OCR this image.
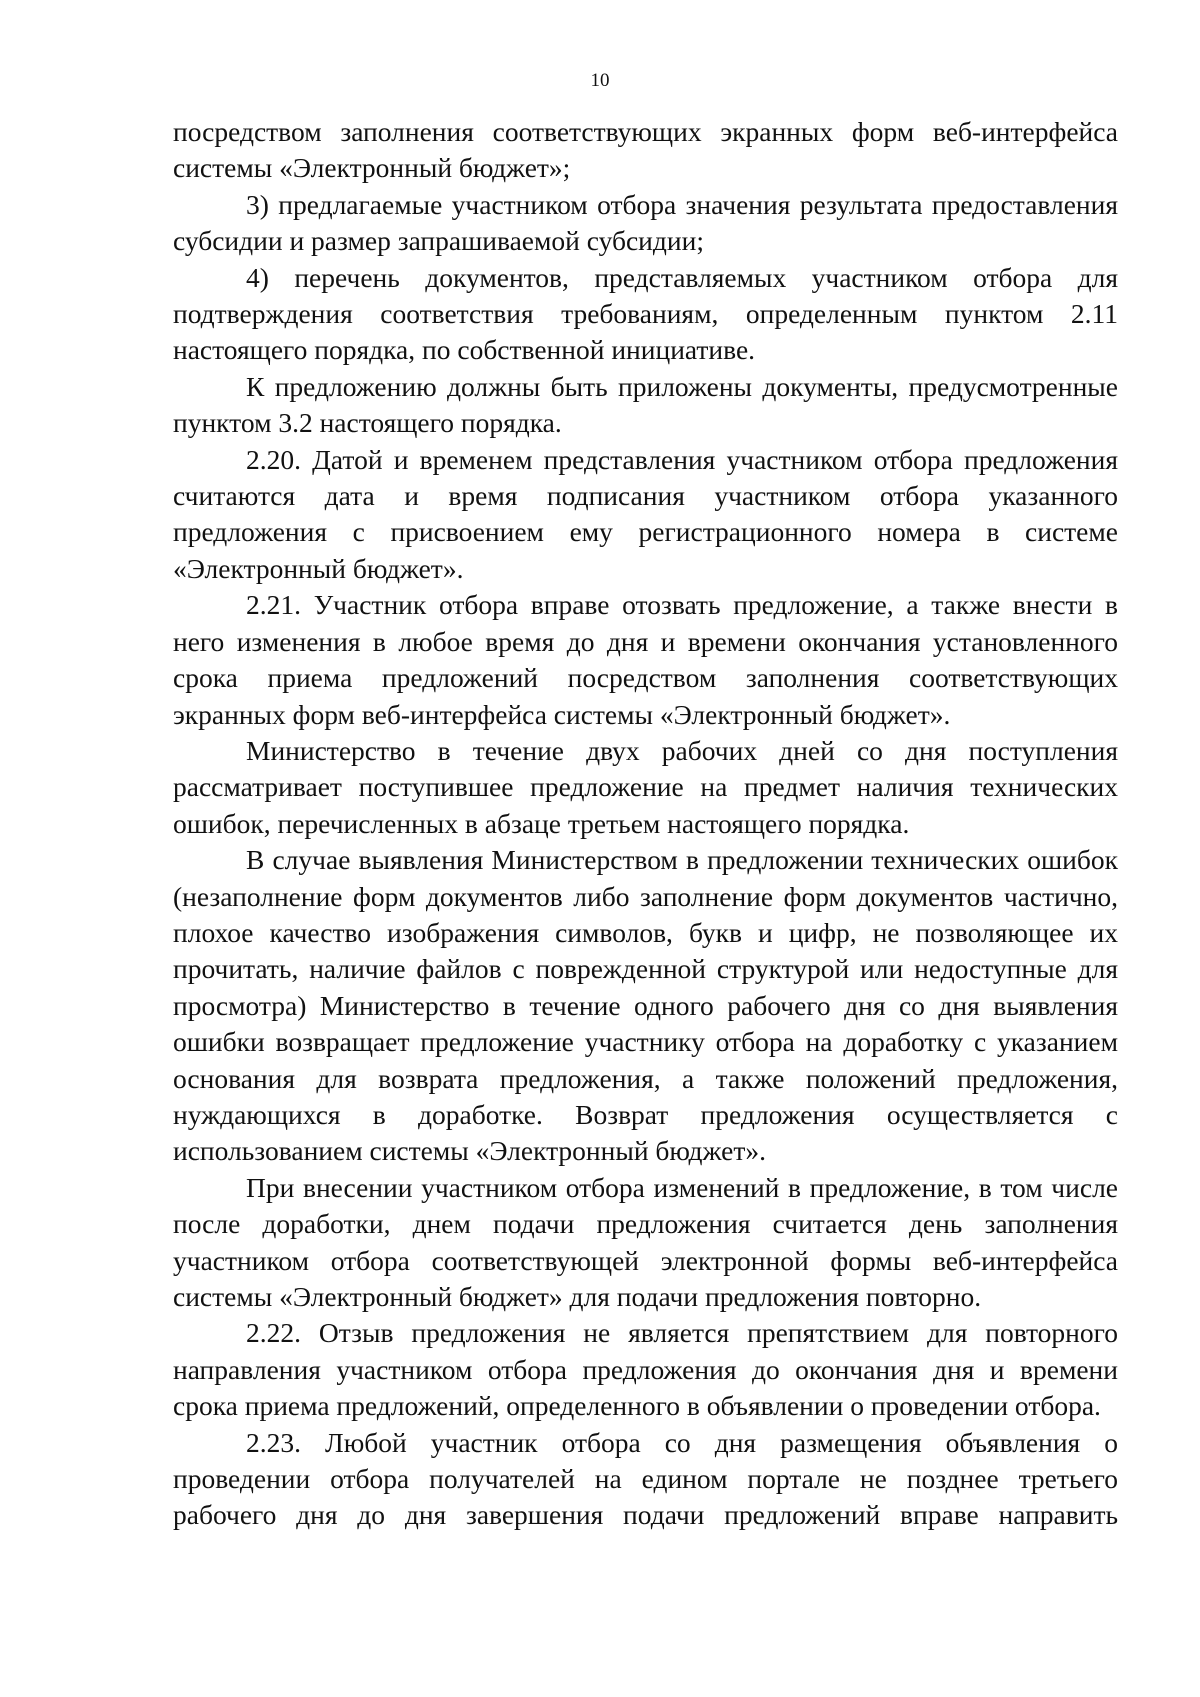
10

посредством заполнения соответствующих экранных форм веб-интерфейса системы «Электронный бюджет»;

3) предлагаемые участником отбора значения результата предоставления субсидии и размер запрашиваемой субсидии;

4) перечень документов, представляемых участником отбора для подтверждения соответствия требованиям, определенным пунктом 2.11 настоящего порядка, по собственной инициативе.

К предложению должны быть приложены документы, предусмотренные пунктом 3.2 настоящего порядка.

2.20. Датой и временем представления участником отбора предложения считаются дата и время подписания участником отбора указанного предложения с присвоением ему регистрационного номера в системе «Электронный бюджет».

2.21. Участник отбора вправе отозвать предложение, а также внести в него изменения в любое время до дня и времени окончания установленного срока приема предложений посредством заполнения соответствующих экранных форм веб-интерфейса системы «Электронный бюджет».

Министерство в течение двух рабочих дней со дня поступления рассматривает поступившее предложение на предмет наличия технических ошибок, перечисленных в абзаце третьем настоящего порядка.

В случае выявления Министерством в предложении технических ошибок (незаполнение форм документов либо заполнение форм документов частично, плохое качество изображения символов, букв и цифр, не позволяющее их прочитать, наличие файлов с поврежденной структурой или недоступные для просмотра) Министерство в течение одного рабочего дня со дня выявления ошибки возвращает предложение участнику отбора на доработку с указанием основания для возврата предложения, а также положений предложения, нуждающихся в доработке. Возврат предложения осуществляется с использованием системы «Электронный бюджет».

При внесении участником отбора изменений в предложение, в том числе после доработки, днем подачи предложения считается день заполнения участником отбора соответствующей электронной формы веб-интерфейса системы «Электронный бюджет» для подачи предложения повторно.

2.22. Отзыв предложения не является препятствием для повторного направления участником отбора предложения до окончания дня и времени срока приема предложений, определенного в объявлении о проведении отбора.

2.23. Любой участник отбора со дня размещения объявления о проведении отбора получателей на едином портале не позднее третьего рабочего дня до дня завершения подачи предложений вправе направить
